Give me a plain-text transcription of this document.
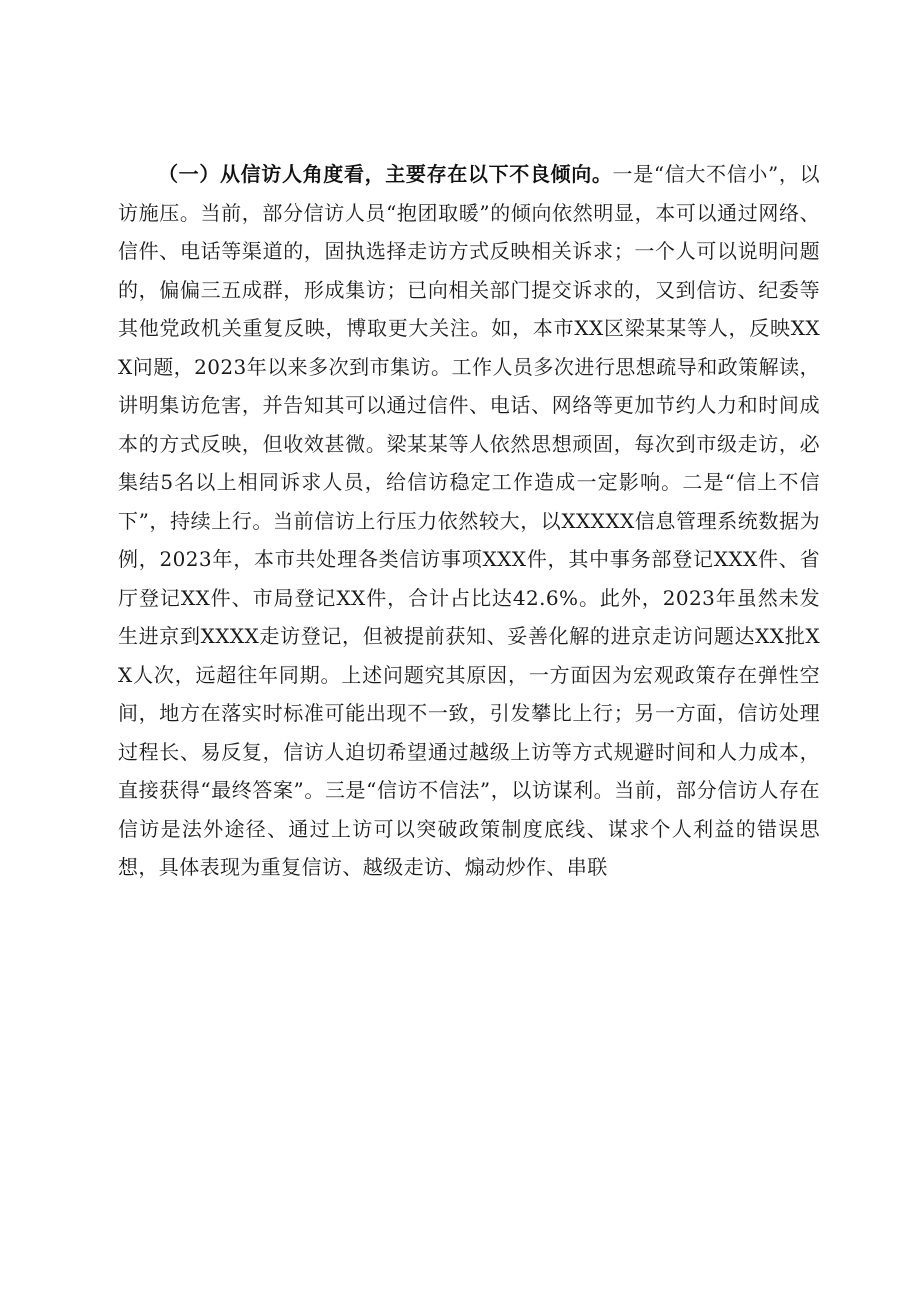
（一）从信访人角度看，主要存在以下不良倾向。一是“信大不信小”，以访施压。当前，部分信访人员“抱团取暖”的倾向依然明显，本可以通过网络、信件、电话等渠道的，固执选择走访方式反映相关诉求；一个人可以说明问题的，偏偏三五成群，形成集访；已向相关部门提交诉求的，又到信访、纪委等其他党政机关重复反映，博取更大关注。如，本市XX区梁某某等人，反映XXX问题，2023年以来多次到市集访。工作人员多次进行思想疏导和政策解读，讲明集访危害，并告知其可以通过信件、电话、网络等更加节约人力和时间成本的方式反映，但收效甚微。梁某某等人依然思想顽固，每次到市级走访，必集结5名以上相同诉求人员，给信访稳定工作造成一定影响。二是“信上不信下”，持续上行。当前信访上行压力依然较大，以XXXXX信息管理系统数据为例，2023年，本市共处理各类信访事项XXX件，其中事务部登记XXX件、省厅登记XX件、市局登记XX件，合计占比达42.6%。此外，2023年虽然未发生进京到XXXX走访登记，但被提前获知、妥善化解的进京走访问题达XX批XX人次，远超往年同期。上述问题究其原因，一方面因为宏观政策存在弹性空间，地方在落实时标准可能出现不一致，引发攀比上行；另一方面，信访处理过程长、易反复，信访人迫切希望通过越级上访等方式规避时间和人力成本，直接获得“最终答案”。三是“信访不信法”，以访谋利。当前，部分信访人存在信访是法外途径、通过上访可以突破政策制度底线、谋求个人利益的错误思想，具体表现为重复信访、越级走访、煽动炒作、串联
